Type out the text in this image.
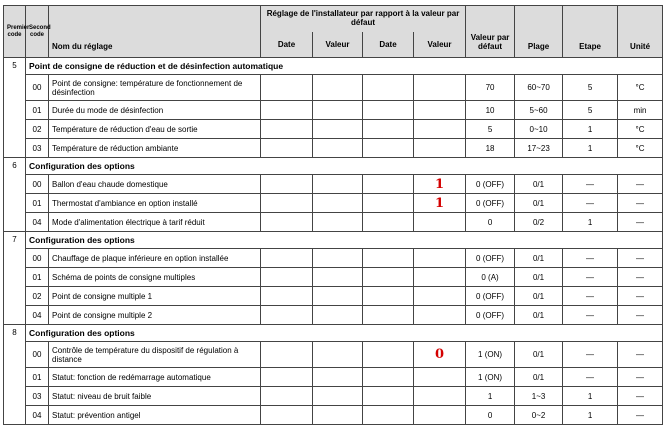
Premier code	Second code	Nom du réglage	Réglage de l'installateur par rapport à la valeur par défaut				Valeur par défaut	Plage	Etape	Unité
			Date	Valeur	Date	Valeur				
5	Point de consigne de réduction et de désinfection automatique									
	00	Point de consigne: température de fonctionnement de désinfection					70	60~70	5	°C
	01	Durée du mode de désinfection					10	5~60	5	min
	02	Température de réduction d'eau de sortie					5	0~10	1	°C
	03	Température de réduction ambiante					18	17~23	1	°C
6	Configuration des options									
	00	Ballon d'eau chaude domestique				1	0 (OFF)	0/1	—	—
	01	Thermostat d'ambiance en option installé				1	0 (OFF)	0/1	—	—
	04	Mode d'alimentation électrique à tarif réduit					0	0/2	1	—
7	Configuration des options									
	00	Chauffage de plaque inférieure en option installée					0 (OFF)	0/1	—	—
	01	Schéma de points de consigne multiples					0 (A)	0/1	—	—
	02	Point de consigne multiple 1					0 (OFF)	0/1	—	—
	04	Point de consigne multiple 2					0 (OFF)	0/1	—	—
8	Configuration des options									
	00	Contrôle de température du dispositif de régulation à distance				0	1 (ON)	0/1	—	—
	01	Statut: fonction de redémarrage automatique					1 (ON)	0/1	—	—
	03	Statut: niveau de bruit faible					1	1~3	1	—
	04	Statut: prévention antigel					0	0~2	1	—
